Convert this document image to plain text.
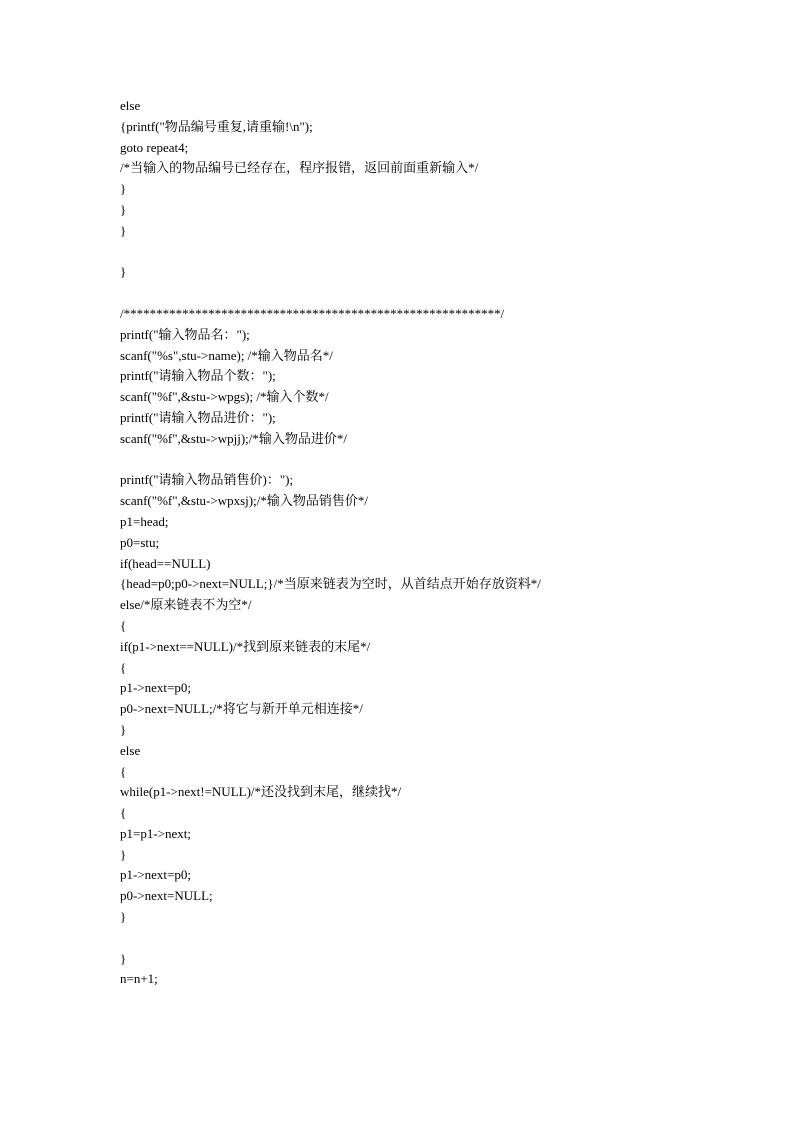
else
{printf("物品编号重复,请重输!\n");
goto repeat4;
/*当输入的物品编号已经存在，程序报错，返回前面重新输入*/
}
}
}
}
/**********************************************************/
printf("输入物品名：");
scanf("%s",stu->name); /*输入物品名*/
printf("请输入物品个数：");
scanf("%f",&stu->wpgs); /*输入个数*/
printf("请输入物品进价：");
scanf("%f",&stu->wpjj);/*输入物品进价*/
printf("请输入物品销售价)：");
scanf("%f",&stu->wpxsj);/*输入物品销售价*/
p1=head;
p0=stu;
if(head==NULL)
{head=p0;p0->next=NULL;}/*当原来链表为空时，从首结点开始存放资料*/
else/*原来链表不为空*/
{
if(p1->next==NULL)/*找到原来链表的末尾*/
{
p1->next=p0;
p0->next=NULL;/*将它与新开单元相连接*/
}
else
{
while(p1->next!=NULL)/*还没找到末尾，继续找*/
{
p1=p1->next;
}
p1->next=p0;
p0->next=NULL;
}
}
n=n+1;
